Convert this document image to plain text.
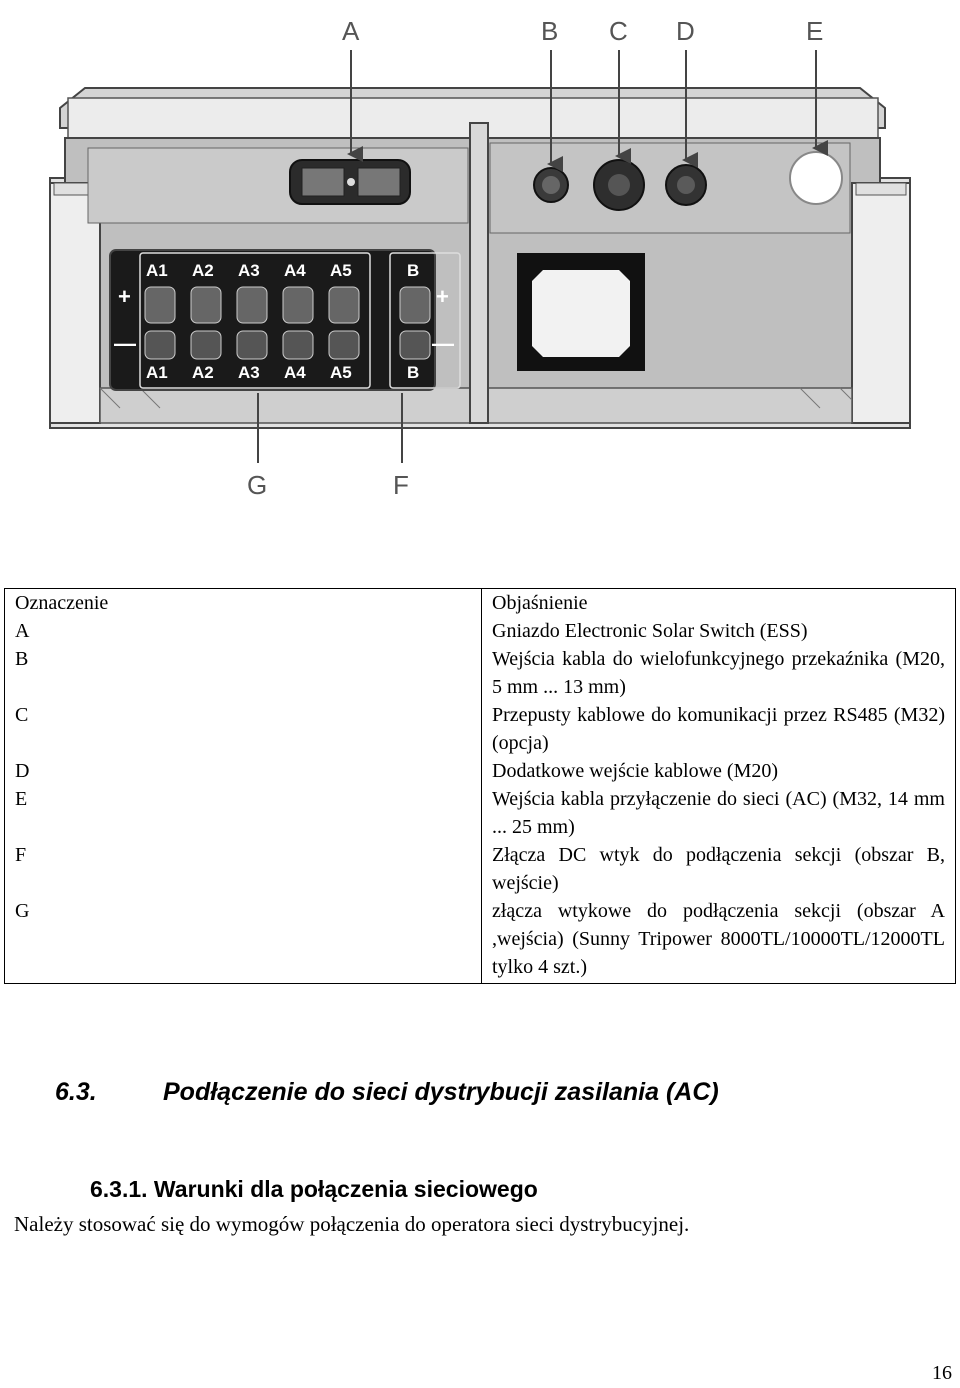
A1 A2 A3 A4 A5
A1 A2 A3 A4 A5
+
—
B
B
+
—
A	B C D	E
G	F
Oznaczenie	Objaśnienie
A	Gniazdo Electronic Solar Switch (ESS)
B	Wejścia kabla do wielofunkcyjnego przekaźnika (M20, 5 mm ... 13 mm)
C	Przepusty kablowe do komunikacji przez RS485 (M32) (opcja)
D	Dodatkowe wejście kablowe (M20)
E	Wejścia kabla przyłączenie do sieci (AC) (M32, 14 mm ... 25 mm)
F	Złącza DC wtyk do podłączenia sekcji (obszar B, wejście)
G	złącza wtykowe do podłączenia sekcji (obszar A ,wejścia) (Sunny Tripower 8000TL/10000TL/12000TL tylko 4 szt.)
6.3.	Podłączenie do sieci dystrybucji zasilania (AC)
6.3.1. Warunki dla połączenia sieciowego

Należy stosować się do wymogów połączenia do operatora sieci dystrybucyjnej.

16
